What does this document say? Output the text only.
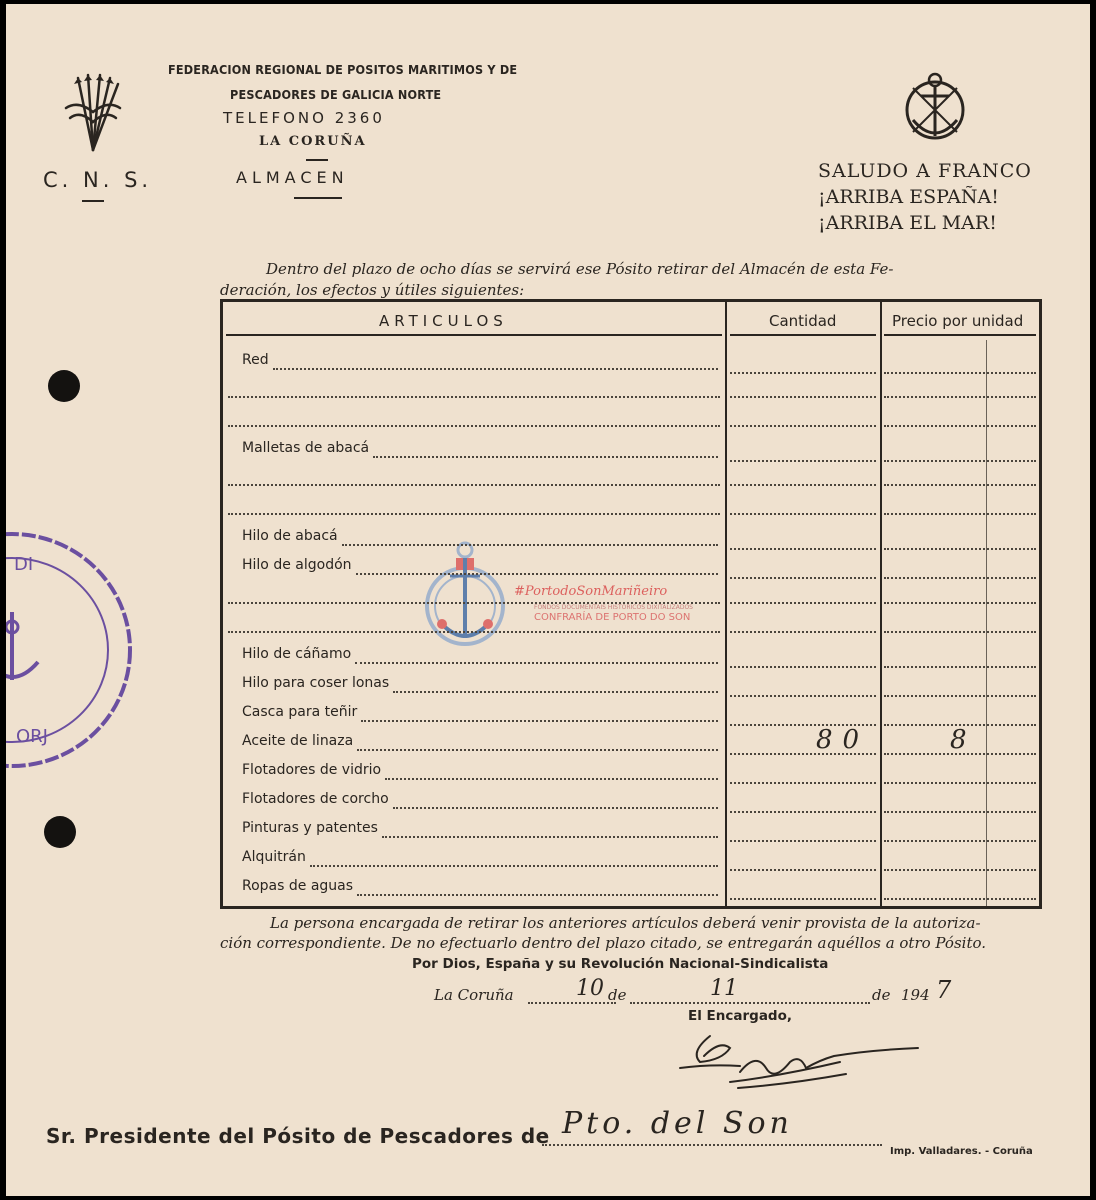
C. N. S.
FEDERACION REGIONAL DE POSITOS MARITIMOS Y DE
PESCADORES DE GALICIA NORTE
TELEFONO 2360
LA CORUÑA
ALMACEN	SALUDO A FRANCO
¡ARRIBA ESPAÑA!
¡ARRIBA EL MAR!
Dentro del plazo de ocho días se servirá ese Pósito retirar del Almacén de esta Fe-
deración, los efectos y útiles siguientes:
DI
ORJ
ARTICULOS	Cantidad	Precio por unidad
#PortodoSonMariñeiro
FONDOS DOCUMENTAIS HISTÓRICOS DIXITALIZADOS
CONFRARÍA DE PORTO DO SON
La persona encargada de retirar los anteriores artículos deberá venir provista de la autoriza-
ción correspondiente. De no efectuarlo dentro del plazo citado, se entregarán aquéllos a otro Pósito.
Por Dios, España y su Revolución Nacional-Sindicalista
La Coruña	10 de	11	de 194 7
El Encargado,
Sr. Presidente del Pósito de Pescadores de Pto. del Son
Imp. Valladares. - Coruña
Red
Malletas de abacá
Hilo de abacá
Hilo de algodón
Hilo de cáñamo
Hilo para coser lonas
Casca para teñir
Aceite de linaza	80	8
Flotadores de vidrio
Flotadores de corcho
Pinturas y patentes
Alquitrán
Ropas de aguas
